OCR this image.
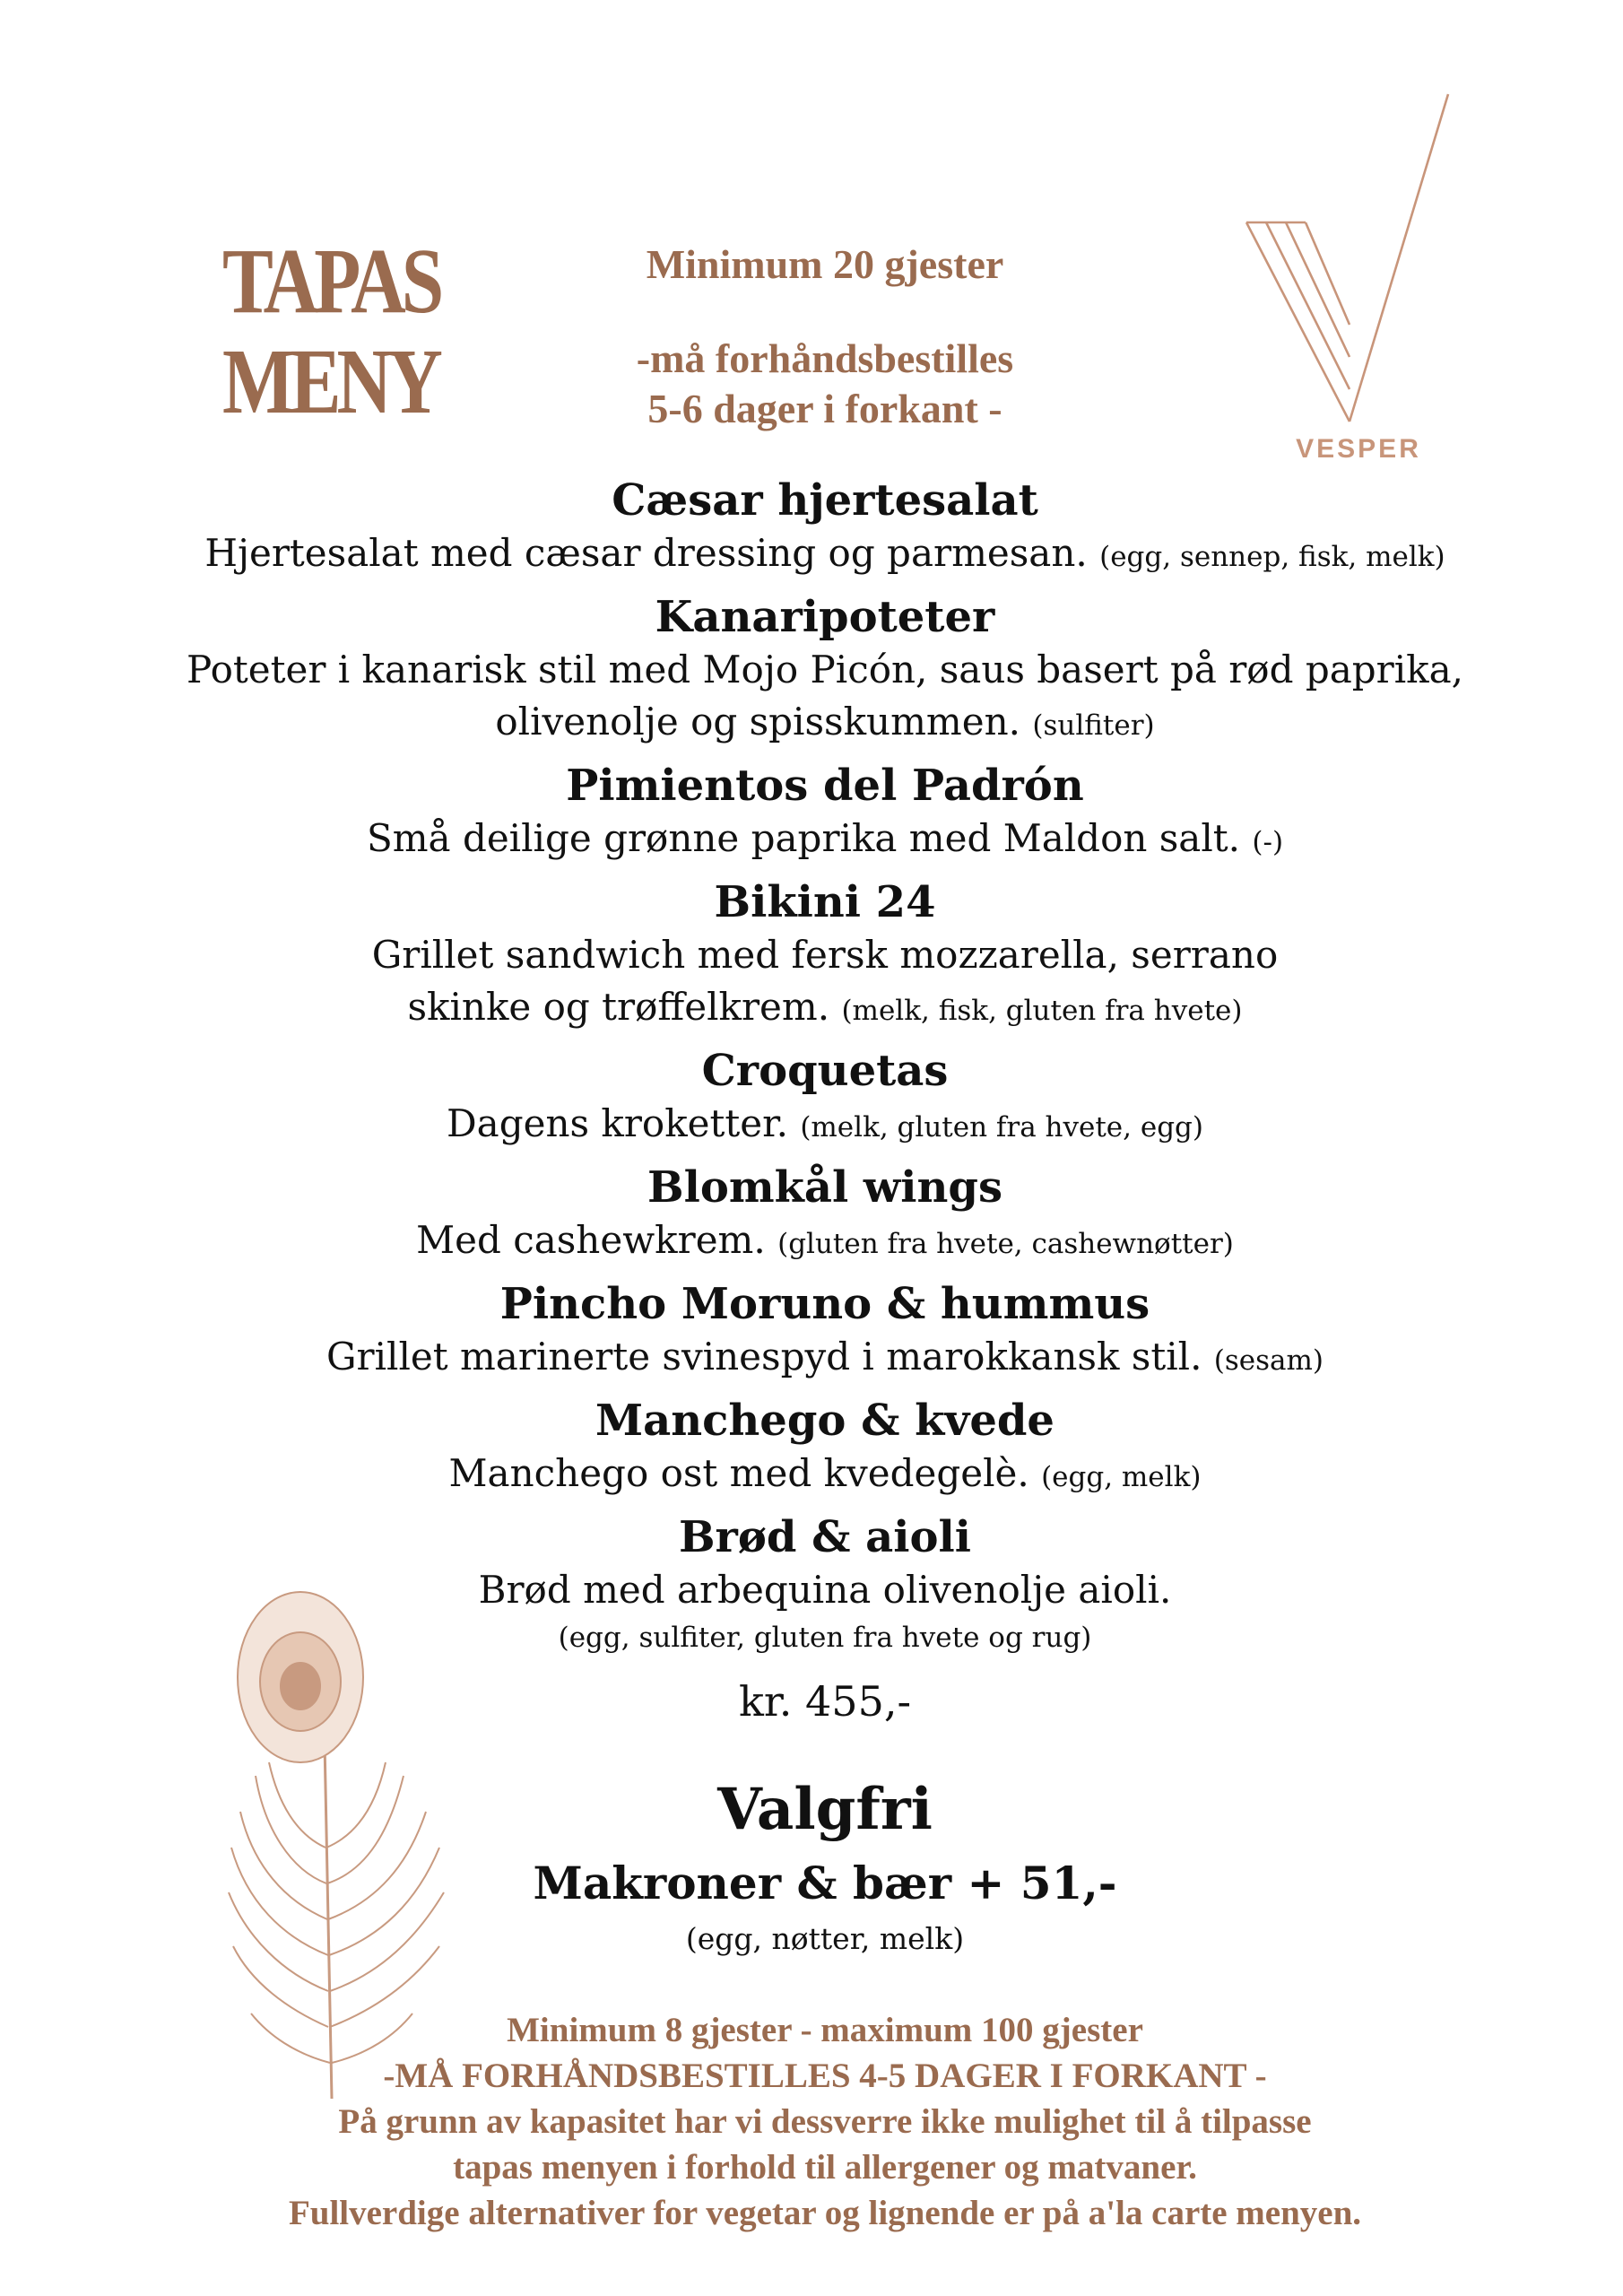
TAPAS
MENY
Minimum 20 gjester
-må forhåndsbestilles
5-6 dager i forkant -
VESPER
Cæsar hjertesalat
Hjertesalat med cæsar dressing og parmesan. (egg, sennep, fisk, melk)
Kanaripoteter
Poteter i kanarisk stil med Mojo Picón, saus basert på rød paprika,
olivenolje og spisskummen. (sulfiter)
Pimientos del Padrón
Små deilige grønne paprika med Maldon salt. (-)
Bikini 24
Grillet sandwich med fersk mozzarella, serrano
skinke og trøffelkrem. (melk, fisk, gluten fra hvete)
Croquetas
Dagens kroketter. (melk, gluten fra hvete, egg)
Blomkål wings
Med cashewkrem. (gluten fra hvete, cashewnøtter)
Pincho Moruno & hummus
Grillet marinerte svinespyd i marokkansk stil. (sesam)
Manchego & kvede
Manchego ost med kvedegelè. (egg, melk)
Brød & aioli
Brød med arbequina olivenolje aioli.
(egg, sulfiter, gluten fra hvete og rug)
kr. 455,-
Valgfri
Makroner & bær + 51,-
(egg, nøtter, melk)
Minimum 8 gjester - maximum 100 gjester
-MÅ FORHÅNDSBESTILLES 4-5 DAGER I FORKANT -
På grunn av kapasitet har vi dessverre ikke mulighet til å tilpasse
tapas menyen i forhold til allergener og matvaner.
Fullverdige alternativer for vegetar og lignende er på a'la carte menyen.
